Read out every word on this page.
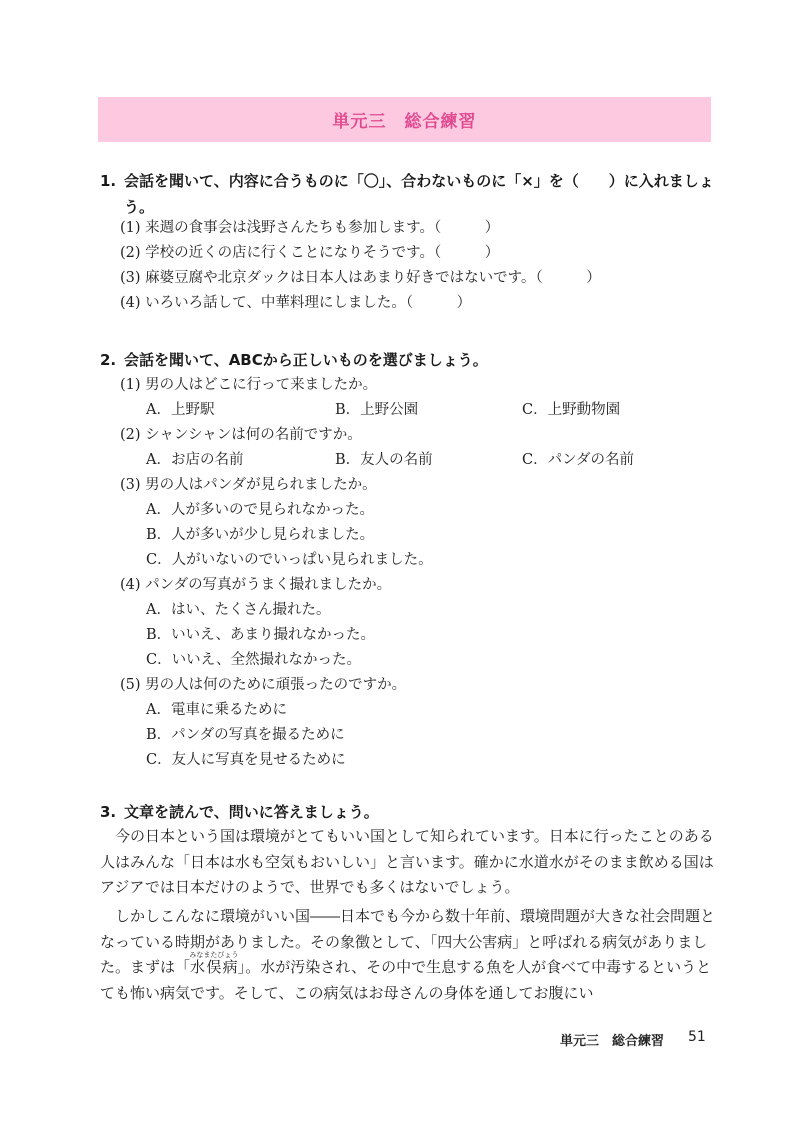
単元三　総合練習
1. 会話を聞いて、内容に合うものに「〇」、合わないものに「×」を（　　）に入れましょう。
(1) 来週の食事会は浅野さんたちも参加します。（　　　）
(2) 学校の近くの店に行くことになりそうです。（　　　）
(3) 麻婆豆腐や北京ダックは日本人はあまり好きではないです。（　　　）
(4) いろいろ話して、中華料理にしました。（　　　）
2. 会話を聞いて、ABCから正しいものを選びましょう。
(1) 男の人はどこに行って来ましたか。
A．上野駅	B．上野公園	C．上野動物園
(2) シャンシャンは何の名前ですか。
A．お店の名前	B．友人の名前	C．パンダの名前
(3) 男の人はパンダが見られましたか。
A．人が多いので見られなかった。
B．人が多いが少し見られました。
C．人がいないのでいっぱい見られました。
(4) パンダの写真がうまく撮れましたか。
A．はい、たくさん撮れた。
B．いいえ、あまり撮れなかった。
C．いいえ、全然撮れなかった。
(5) 男の人は何のために頑張ったのですか。
A．電車に乗るために
B．パンダの写真を撮るために
C．友人に写真を見せるために
3. 文章を読んで、問いに答えましょう。
今の日本という国は環境がとてもいい国として知られています。日本に行ったことのある人はみんな「日本は水も空気もおいしい」と言います。確かに水道水がそのまま飲める国はアジアでは日本だけのようで、世界でも多くはないでしょう。
しかしこんなに環境がいい国――日本でも今から数十年前、環境問題が大きな社会問題となっている時期がありました。その象徴として、「四大公害病」と呼ばれる病気がありました。まずは「水俣病みなまたびょう」。水が汚染され、その中で生息する魚を人が食べて中毒するというとても怖い病気です。そして、この病気はお母さんの身体を通してお腹にい
単元三　総合練習 51
